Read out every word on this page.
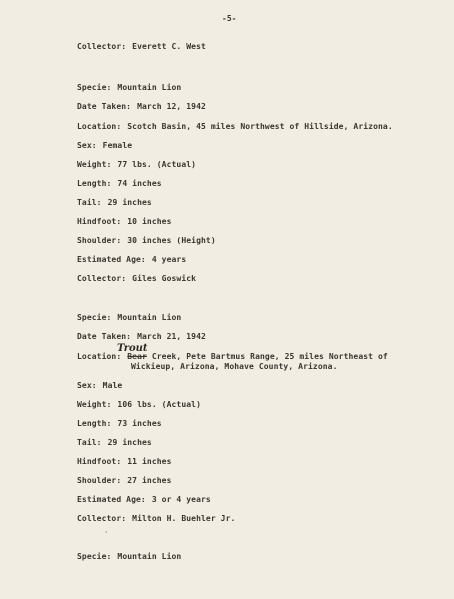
-5-
Collector: Everett C. West
Specie: Mountain Lion
Date Taken: March 12, 1942
Location: Scotch Basin, 45 miles Northwest of Hillside, Arizona.
Sex: Female
Weight: 77 lbs. (Actual)
Length: 74 inches
Tail: 29 inches
Hindfoot: 10 inches
Shoulder: 30 inches (Height)
Estimated Age: 4 years
Collector: Giles Goswick
Specie: Mountain Lion
Date Taken: March 21, 1942
Trout
Location: Bear Creek, Pete Bartmus Range, 25 miles Northeast of
Wickieup, Arizona, Mohave County, Arizona.
Sex: Male
Weight: 106 lbs. (Actual)
Length: 73 inches
Tail: 29 inches
Hindfoot: 11 inches
Shoulder: 27 inches
Estimated Age: 3 or 4 years
Collector: Milton H. Buehler Jr.
'
Specie: Mountain Lion
